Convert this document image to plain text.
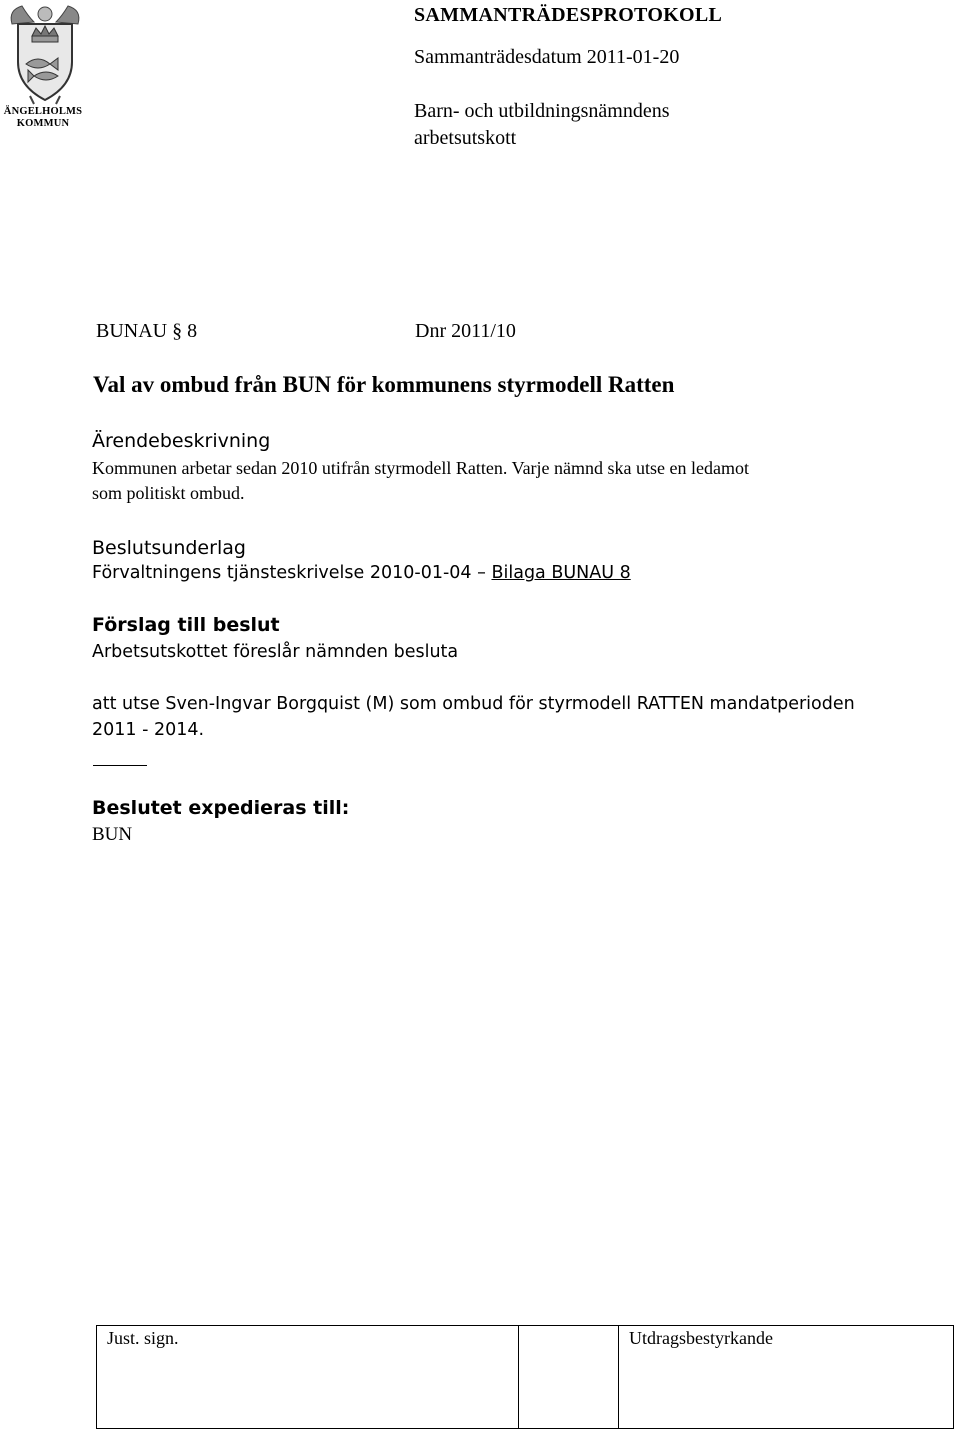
ÄNGELHOLMS
KOMMUN
SAMMANTRÄDESPROTOKOLL
Sammanträdesdatum 2011-01-20
Barn- och utbildningsnämndens
arbetsutskott
BUNAU § 8	Dnr 2011/10
Val av ombud från BUN för kommunens styrmodell Ratten
Ärendebeskrivning
Kommunen arbetar sedan 2010 utifrån styrmodell Ratten. Varje nämnd ska utse en ledamot
som politiskt ombud.
Beslutsunderlag
Förvaltningens tjänsteskrivelse 2010-01-04 – Bilaga BUNAU 8
Förslag till beslut
Arbetsutskottet föreslår nämnden besluta
att utse Sven-Ingvar Borgquist (M) som ombud för styrmodell RATTEN mandatperioden
2011 - 2014.
Beslutet expedieras till:
BUN
Just. sign.	Utdragsbestyrkande
